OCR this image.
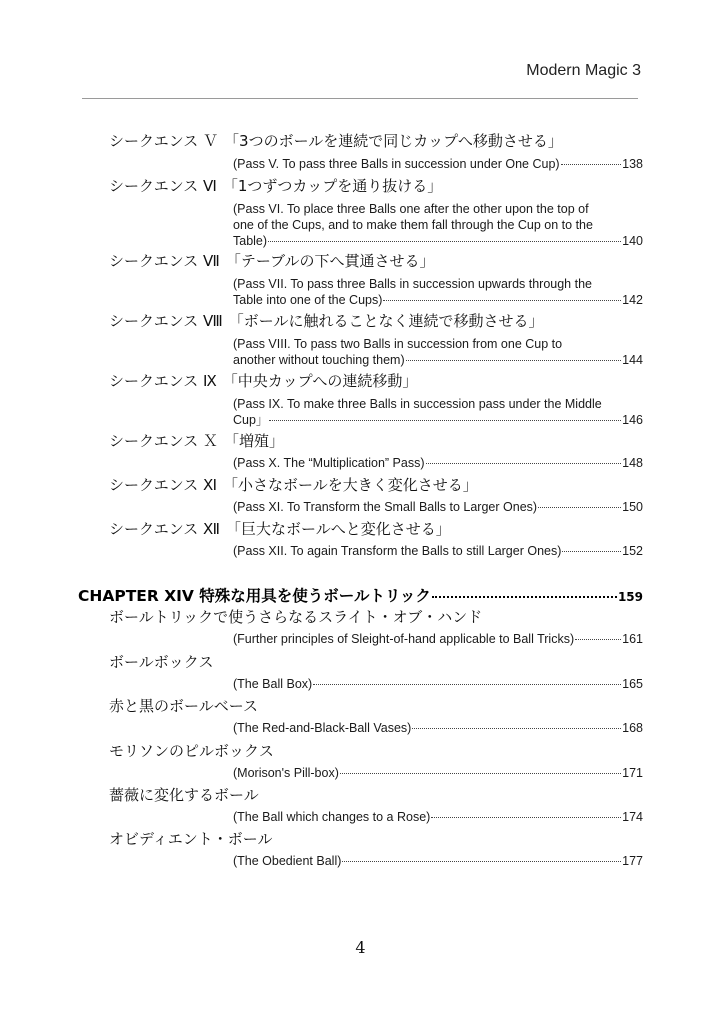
Modern Magic 3
シークエンス Ｖ 「3つのボールを連続で同じカップへ移動させる」
(Pass V. To pass three Balls in succession under One Cup)	138
シークエンス Ⅵ 「1つずつカップを通り抜ける」
(Pass VI. To place three Balls one after the other upon the top of
one of the Cups, and to make them fall through the Cup on to the
Table)	140
シークエンス Ⅶ 「テーブルの下へ貫通させる」
(Pass VII. To pass three Balls in succession upwards through the
Table into one of the Cups)	142
シークエンス Ⅷ 「ボールに触れることなく連続で移動させる」
(Pass VIII. To pass two Balls in succession from one Cup to
another without touching them)	144
シークエンス Ⅸ 「中央カップへの連続移動」
(Pass IX. To make three Balls in succession pass under the Middle
Cup」	146
シークエンス Ｘ 「増殖」
(Pass X. The “Multiplication” Pass)	148
シークエンス Ⅺ 「小さなボールを大きく変化させる」
(Pass XI. To Transform the Small Balls to Larger Ones)	150
シークエンス Ⅻ 「巨大なボールへと変化させる」
(Pass XII. To again Transform the Balls to still Larger Ones)	152
CHAPTER XIV 特殊な用具を使うボールトリック	159
ボールトリックで使うさらなるスライト・オブ・ハンド
(Further principles of Sleight-of-hand applicable to Ball Tricks)	161
ボールボックス
(The Ball Box)	165
赤と黒のボールベース
(The Red-and-Black-Ball Vases)	168
モリソンのピルボックス
(Morison's Pill-box)	171
薔薇に変化するボール
(The Ball which changes to a Rose)	174
オビディエント・ボール
(The Obedient Ball)	177
4
